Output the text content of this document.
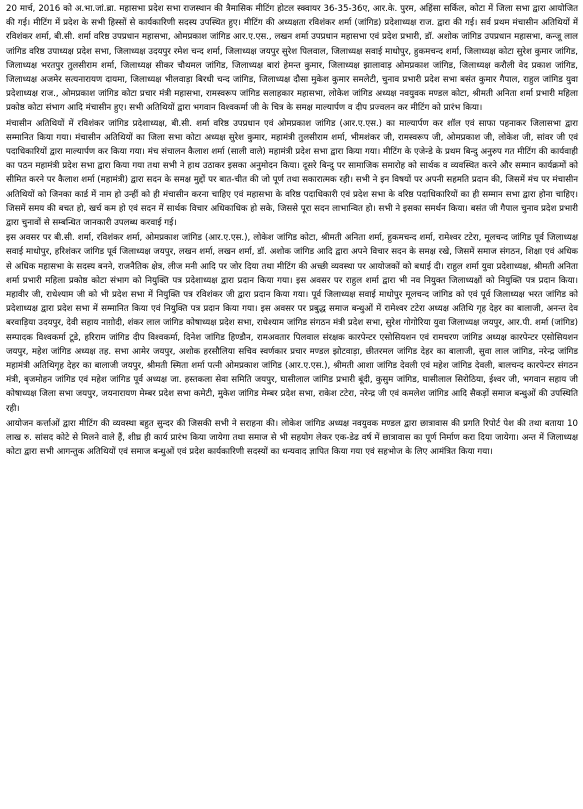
20 मार्च, 2016 को अ.भा.जां.ब्रा. महासभा प्रदेश सभा राजस्थान की त्रैमासिक मीटिंग होटल स्क्वायर 36-35-36ए, आर.के. पुरम, अहिंसा सर्किल, कोटा में जिला सभा द्वारा आयोजित की गई। मीटिंग में प्रदेश के सभी हिस्सों से कार्यकारिणी सदस्य उपस्थित हुए। मीटिंग की अध्यक्षता रविशंकर शर्मा (जांगिड) प्रदेशाध्यक्ष राज. द्वारा की गई। सर्व प्रथम मंचासीन अतिथियों में रविशंकर शर्मा, बी.सी. शर्मा वरिष्ठ उपप्रधान महासभा, ओमप्रकाश जांगिड आर.ए.एस., लखन शर्मा उपप्रधान महासभा एवं प्रदेश प्रभारी, डॉ. अशोक जांगिड उपप्रधान महासभा, कन्जू लाल जांगिड वरिष्ठ उपाध्यक्ष प्रदेश सभा, जिलाध्यक्ष उदयपुर रमेश चन्द शर्मा, जिलाध्यक्ष जयपुर सुरेश पिलवाल, जिलाध्यक्ष सवाई माधोपुर, हुकमचन्द शर्मा, जिलाध्यक्ष कोटा सुरेश कुमार जांगिड, जिलाध्यक्ष भरतपुर तुलसीराम शर्मा, जिलाध्यक्ष सीकर चौथमल जांगिड, जिलाध्यक्ष बारां हेमन्त कुमार, जिलाध्यक्ष झालावाड़ ओमप्रकाश जांगिड, जिलाध्यक्ष करौली वेद प्रकाश जांगिड, जिलाध्यक्ष अजमेर सत्यनारायण दायमा, जिलाध्यक्ष भीलवाड़ा बिरधी चन्द जांगिड, जिलाध्यक्ष दौसा मुकेश कुमार समलेटी, चुनाव प्रभारी प्रदेश सभा बसंत कुमार गैपाल, राहुल जांगिड युवा प्रदेशाध्यक्ष राज., ओमप्रकाश जांगिड कोटा प्रचार मंत्री महासभा, रामस्वरूप जांगिड सलाहकार महासभा, लोकेश जांगिड अध्यक्ष नवयुवक मण्डल कोटा, श्रीमती अनिता शर्मा प्रभारी महिला प्रकोष्ठ कोटा संभाग आदि मंचासीन हुए। सभी अतिथियों द्वारा भगवान विश्वकर्मा जी के चित्र के समक्ष माल्यार्पण व दीप प्रज्वलन कर मीटिंग को प्रारंभ किया।

मंचासीन अतिथियों में रविशंकर जांगिड प्रदेशाध्यक्ष, बी.सी. शर्मा वरिष्ठ उपप्रधान एवं ओमप्रकाश जांगिड (आर.ए.एस.) का माल्यार्पण कर शॉल एवं साफा पहनाकर जिलासभा द्वारा सम्मानित किया गया। मंचासीन अतिथियों का जिला सभा कोटा अध्यक्ष सुरेश कुमार, महामंत्री तुलसीराम शर्मा, भीमशंकर जी, रामस्वरूप जी, ओमप्रकाश जी, लोकेश जी, सांवर जी एवं पदाधिकारियों द्वारा माल्यार्पण कर किया गया। मंच संचालन कैलाश शर्मा (साली वाले) महामंत्री प्रदेश सभा द्वारा किया गया। मीटिंग के एजेन्डे के प्रथम बिन्दु अनुरुप गत मीटिंग की कार्यवाही का पठन महामंत्री प्रदेश सभा द्वारा किया गया तथा सभी ने हाथ उठाकर इसका अनुमोदन किया। दूसरे बिन्दु पर सामाजिक समारोह को सार्थक व व्यवस्थित करने और सम्मान कार्यक्रमों को सीमित करने पर कैलाश शर्मा (महामंत्री) द्वारा सदन के समक्ष मुद्दों पर बात-चीत की जो पूर्ण तथा सकारात्मक रही। सभी ने इन विषयों पर अपनी सहमति प्रदान की, जिसमें मंच पर मंचासीन अतिथियों को जिनका कार्ड में नाम हो उन्हीं को ही मंचासीन करना चाहिए एवं महासभा के वरिष्ठ पदाधिकारी एवं प्रदेश सभा के वरिष्ठ पदाधिकारियों का ही सम्मान सभा द्वारा होना चाहिए। जिसमें समय की बचत हो, खर्च कम हो एवं सदन में सार्थक विचार अधिकाधिक हो सके, जिससे पूरा सदन लाभान्वित हो। सभी ने इसका समर्थन किया। बसंत जी गैपाल चुनाव प्रदेश प्रभारी द्वारा चुनावों से सम्बन्धित जानकारी उपलब्ध करवाई गई।

इस अवसर पर बी.सी. शर्मा, रविशंकर शर्मा, ओमप्रकाश जांगिड (आर.ए.एस.), लोकेश जांगिड कोटा, श्रीमती अनिता शर्मा, हुकमचन्द शर्मा, रामेश्वर टटेरा, मूलचन्द जांगिड पूर्व जिलाध्यक्ष सवाई माधोपुर, हरिशंकर जांगिड पूर्व जिलाध्यक्ष जयपुर, लखन शर्मा, लखन शर्मा, डॉ. अशोक जांगिड आदि द्वारा अपने विचार सदन के समक्ष रखे, जिसमें समाज संगठन, शिक्षा एवं अधिक से अधिक महासभा के सदस्य बनने, राजनैतिक क्षेत्र, लीज मनी आदि पर जोर दिया तथा मीटिंग की अच्छी व्यवस्था पर आयोजकों को बधाई दी। राहुल शर्मा युवा प्रदेशाध्यक्ष, श्रीमती अनिता शर्मा प्रभारी महिला प्रकोष्ठ कोटा संभाग को नियुक्ति पत्र प्रदेशाध्यक्ष द्वारा प्रदान किया गया। इस अवसर पर राहुल शर्मा द्वारा भी नव नियुक्त जिलाध्यक्षों को नियुक्ति पत्र प्रदान किया। महावीर जी, राधेश्याम जी को भी प्रदेश सभा में नियुक्ति पत्र रविशंकर जी द्वारा प्रदान किया गया। पूर्व जिलाध्यक्ष सवाई माधोपुर मूलचन्द जांगिड को एवं पूर्व जिलाध्यक्ष भरत जांगिड को प्रदेशाध्यक्ष द्वारा प्रदेश सभा में सम्मानित किया एवं नियुक्ति पत्र प्रदान किया गया। इस अवसर पर प्रबुद्ध समाज बन्धुओं में रामेश्वर टटेरा अध्यक्ष अतिथि गृह देहर का बालाजी, अनन्त देव बरवाड़िया उदयपुर, देवी सहाय नाग़ोदी, शंकर लाल जांगिड कोषाध्यक्ष प्रदेश सभा, राधेश्याम जांगिड संगठन मंत्री प्रदेश सभा, सुरेश गोगोरिया युवा जिलाध्यक्ष जयपुर, आर.पी. शर्मा (जांगिड) सम्पादक विश्वकर्मा टूडे, हरिराम जांगिड दीप विश्वकर्मा, दिनेश जांगिड हिण्डौन, रामअवतार पिलवाल संरक्षक कारपेन्टर एसोसियशन एवं रामचरण जांगिड अध्यक्ष कारपेन्टर एसोसियशन जयपुर, महेश जांगिड अध्यक्ष तह. सभा आमेर जयपुर, अशोक हरसौलिया सचिव स्वर्णकार प्रचार मण्डल झोटवाड़ा, छीतरमल जांगिड देहर का बालाजी, सुवा लाल जांगिड, नरेन्द्र जांगिड महामंत्री अतिथिगृह देहर का बालाजी जयपुर, श्रीमती स्मिता शर्मा पत्नी ओमप्रकाश जांगिड (आर.ए.एस.), श्रीमती आशा जांगिड देवली एवं महेश जांगिड देवली, बालचन्द कारपेन्टर संगठन मंत्री, बृजमोहन जांगिड एवं महेश जांगिड पूर्व अध्यक्ष जा. हस्तकला सेवा समिति जयपुर, घासीलाल जांगिड प्रभारी बूंदी, कुसुम जांगिड, घासीलाल सिरोठिया, ईश्वर जी, भगवान सहाय जी कोषाध्यक्ष जिला सभा जयपुर, जयनारायण मेम्बर प्रदेश सभा कमेटी, मुकेश जांगिड मेम्बर प्रदेश सभा, राकेश टटेरा, नरेन्द्र जी एवं कमलेश जांगिड आदि सैकड़ों समाज बन्धुओं की उपस्थिति रही।

आयोजन कर्त्ताओं द्वारा मीटिंग की व्यवस्था बहुत सुन्दर की जिसकी सभी ने सराहना की। लोकेश जांगिड अध्यक्ष नवयुवक मण्डल द्वारा छात्रावास की प्रगति रिपोर्ट पेश की तथा बताया 10 लाख रु. सांसद कोटे से मिलने वाले हैं, शीघ्र ही कार्य प्रारंभ किया जायेगा तथा समाज से भी सहयोग लेकर एक-डेढ वर्ष में छात्रावास का पूर्ण निर्माण करा दिया जायेगा। अन्त में जिलाध्यक्ष कोटा द्वारा सभी आगन्तुक अतिथियों एवं समाज बन्धुओं एवं प्रदेश कार्यकारिणी सदस्यों का धन्यवाद ज्ञापित किया गया एवं सहभोज के लिए आमंत्रित किया गया।
